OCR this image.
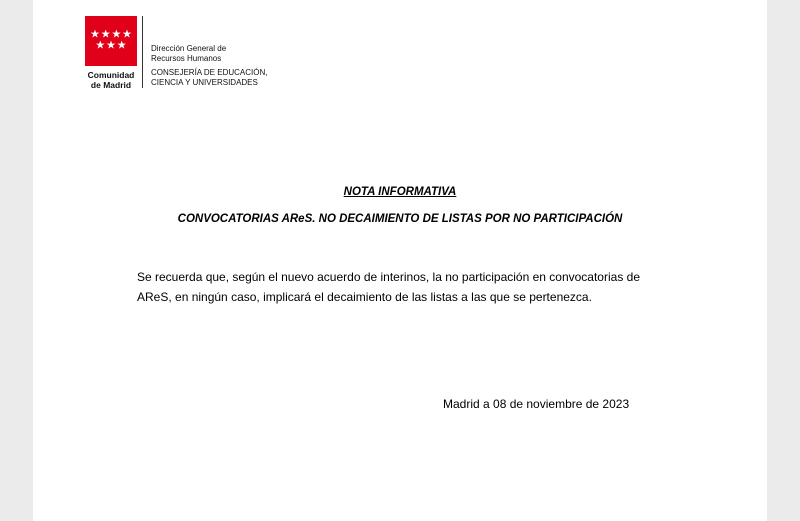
Comunidad
de Madrid
Dirección General de
Recursos Humanos
CONSEJERÍA DE EDUCACIÓN,
CIENCIA Y UNIVERSIDADES
NOTA INFORMATIVA
CONVOCATORIAS AReS. NO DECAIMIENTO DE LISTAS POR NO PARTICIPACIÓN
Se recuerda que, según el nuevo acuerdo de interinos, la no participación en convocatorias de AReS, en ningún caso, implicará el decaimiento de las listas a las que se pertenezca.
Madrid a 08 de noviembre de 2023
